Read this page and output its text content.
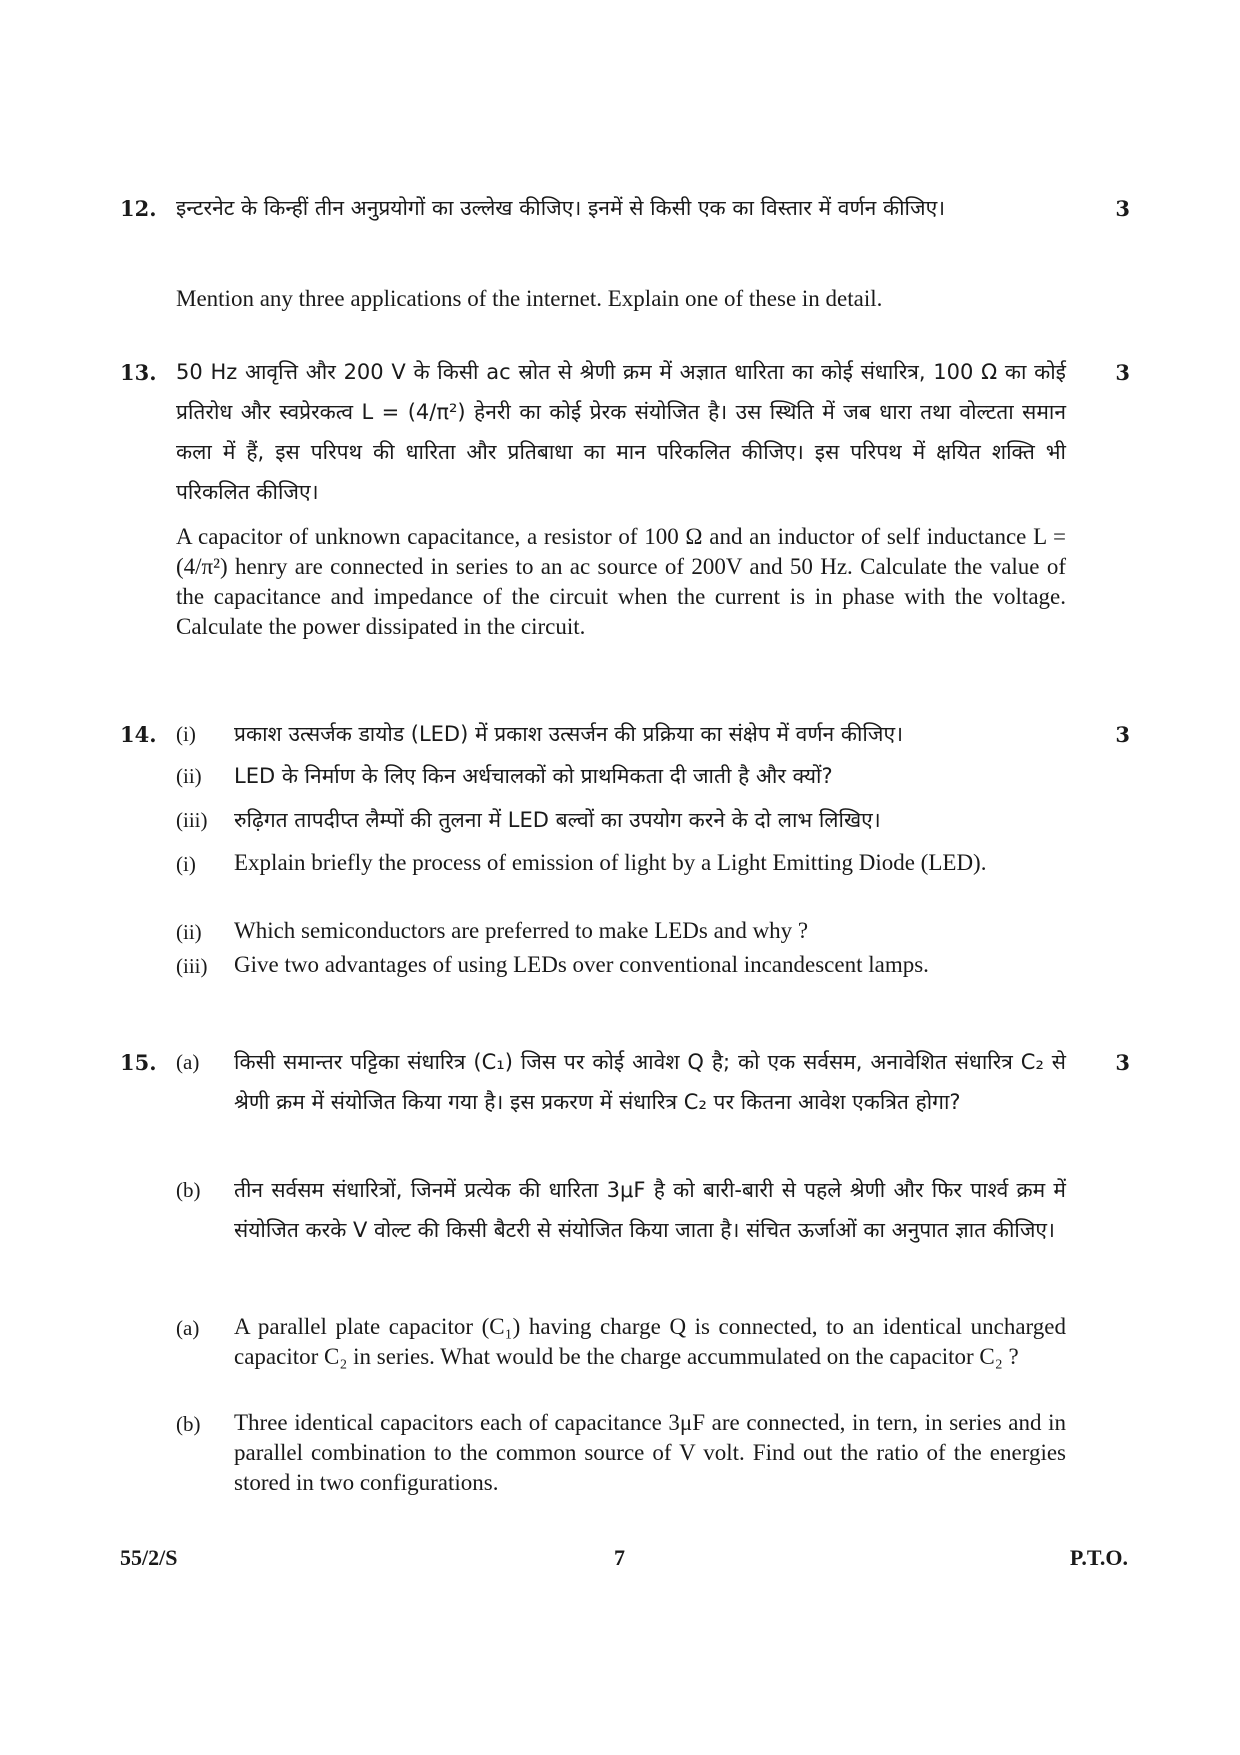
12.	3

इन्टरनेट के किन्हीं तीन अनुप्रयोगों का उल्लेख कीजिए। इनमें से किसी एक का विस्तार में वर्णन कीजिए।

Mention any three applications of the internet. Explain one of these in detail.

13.	3

50 Hz आवृत्ति और 200 V के किसी ac स्रोत से श्रेणी क्रम में अज्ञात धारिता का कोई संधारित्र, 100 Ω का कोई प्रतिरोध और स्वप्रेरकत्व L = (4/π²) हेनरी का कोई प्रेरक संयोजित है। उस स्थिति में जब धारा तथा वोल्टता समान कला में हैं, इस परिपथ की धारिता और प्रतिबाधा का मान परिकलित कीजिए। इस परिपथ में क्षयित शक्ति भी परिकलित कीजिए।

A capacitor of unknown capacitance, a resistor of 100 Ω and an inductor of self inductance L = (4/π²) henry are connected in series to an ac source of 200V and 50 Hz. Calculate the value of the capacitance and impedance of the circuit when the current is in phase with the voltage. Calculate the power dissipated in the circuit.

14.	3
(i) प्रकाश उत्सर्जक डायोड (LED) में प्रकाश उत्सर्जन की प्रक्रिया का संक्षेप में वर्णन कीजिए।

(ii) LED के निर्माण के लिए किन अर्धचालकों को प्राथमिकता दी जाती है और क्यों?

(iii) रुढ़िगत तापदीप्त लैम्पों की तुलना में LED बल्वों का उपयोग करने के दो लाभ लिखिए।

(i) Explain briefly the process of emission of light by a Light Emitting Diode (LED).

(ii) Which semiconductors are preferred to make LEDs and why ?

(iii) Give two advantages of using LEDs over conventional incandescent lamps.

15.	3
(a) किसी समान्तर पट्टिका संधारित्र (C₁) जिस पर कोई आवेश Q है; को एक सर्वसम, अनावेशित संधारित्र C₂ से श्रेणी क्रम में संयोजित किया गया है। इस प्रकरण में संधारित्र C₂ पर कितना आवेश एकत्रित होगा?

(b) तीन सर्वसम संधारित्रों, जिनमें प्रत्येक की धारिता 3μF है को बारी-बारी से पहले श्रेणी और फिर पार्श्व क्रम में संयोजित करके V वोल्ट की किसी बैटरी से संयोजित किया जाता है। संचित ऊर्जाओं का अनुपात ज्ञात कीजिए।

(a) A parallel plate capacitor (C₁) having charge Q is connected, to an identical uncharged capacitor C₂ in series. What would be the charge accummulated on the capacitor C₂ ?

(b) Three identical capacitors each of capacitance 3μF are connected, in tern, in series and in parallel combination to the common source of V volt. Find out the ratio of the energies stored in two configurations.

55/2/S	7	P.T.O.
